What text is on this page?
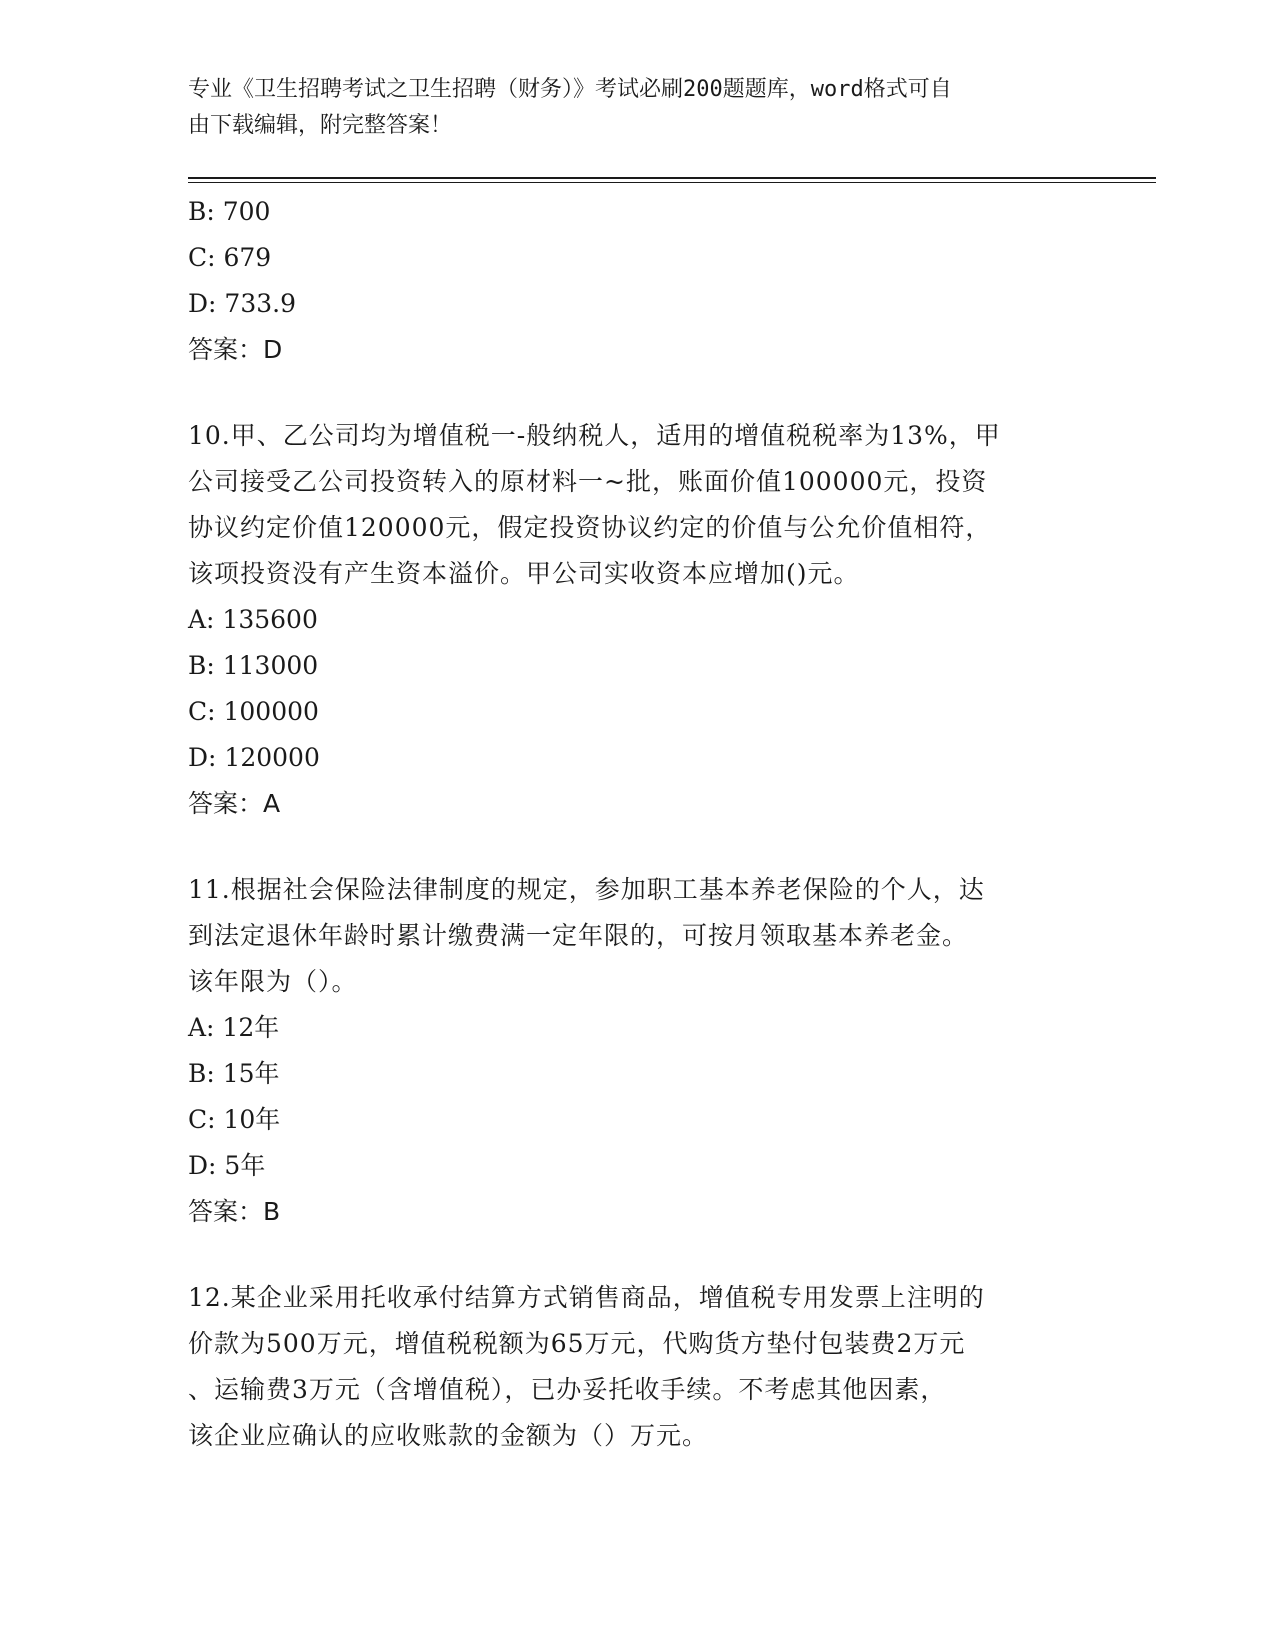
专业《卫生招聘考试之卫生招聘（财务）》考试必刷200题题库，word格式可自
由下载编辑，附完整答案！
B: 700
C: 679
D: 733.9
答案：D
10.甲、乙公司均为增值税一-般纳税人，适用的增值税税率为13%，甲
公司接受乙公司投资转入的原材料一~批，账面价值100000元，投资
协议约定价值120000元，假定投资协议约定的价值与公允价值相符，
该项投资没有产生资本溢价。甲公司实收资本应增加()元。
A: 135600
B: 113000
C: 100000
D: 120000
答案：A
11.根据社会保险法律制度的规定，参加职工基本养老保险的个人，达
到法定退休年龄时累计缴费满一定年限的，可按月领取基本养老金。
该年限为（）。
A: 12年
B: 15年
C: 10年
D: 5年
答案：B
12.某企业采用托收承付结算方式销售商品，增值税专用发票上注明的
价款为500万元，增值税税额为65万元，代购货方垫付包装费2万元
、运输费3万元（含增值税），已办妥托收手续。不考虑其他因素，
该企业应确认的应收账款的金额为（）万元。
